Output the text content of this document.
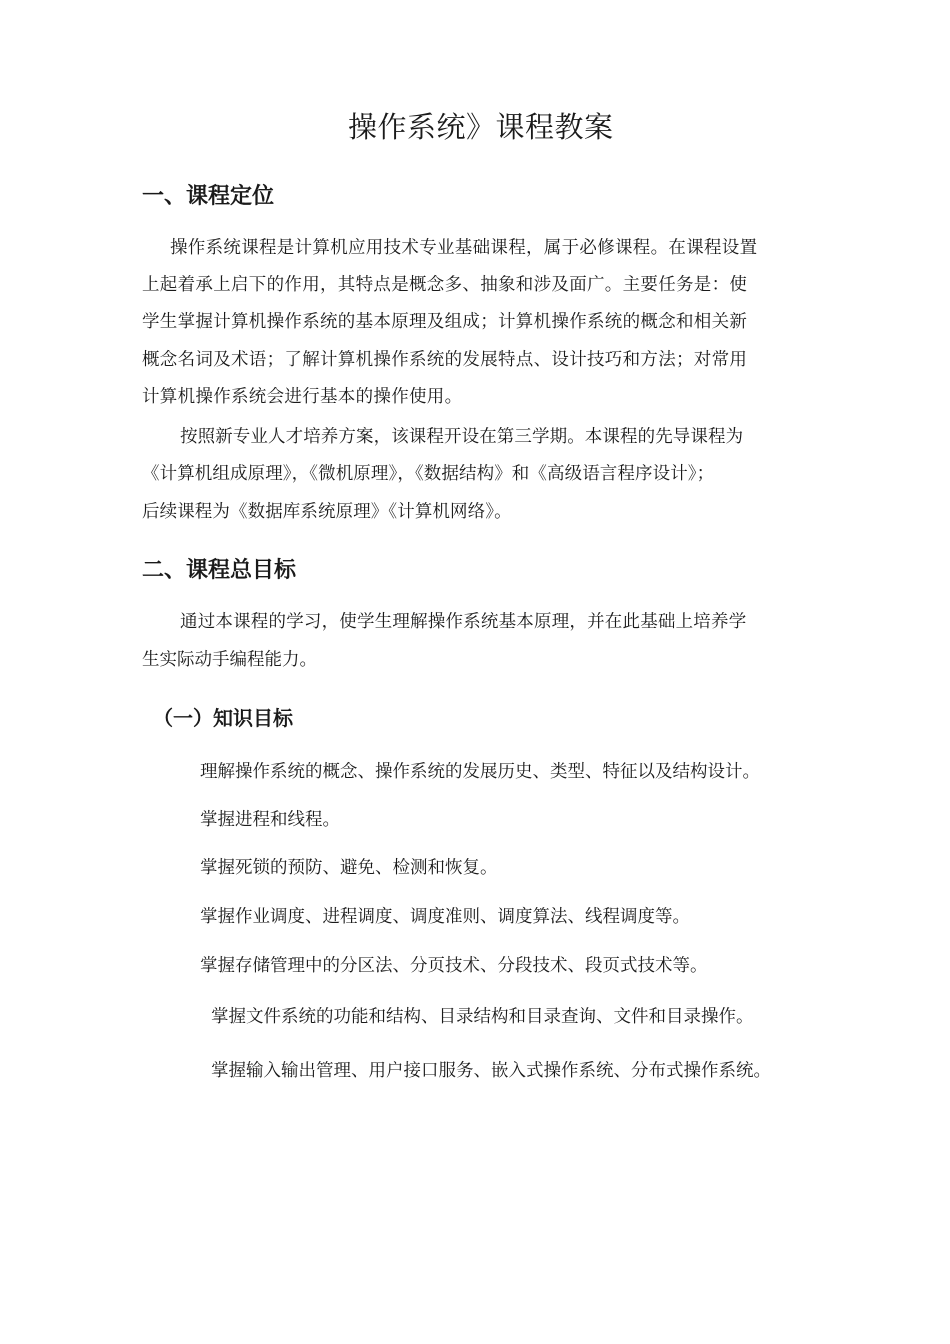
操作系统》课程教案
一、课程定位

操作系统课程是计算机应用技术专业基础课程，属于必修课程。在课程设置

上起着承上启下的作用，其特点是概念多、抽象和涉及面广。主要任务是：使

学生掌握计算机操作系统的基本原理及组成；计算机操作系统的概念和相关新

概念名词及术语；了解计算机操作系统的发展特点、设计技巧和方法；对常用

计算机操作系统会进行基本的操作使用。

按照新专业人才培养方案，该课程开设在第三学期。本课程的先导课程为

《计算机组成原理》，《微机原理》，《数据结构》和《高级语言程序设计》；

后续课程为《数据库系统原理》《计算机网络》。

二、课程总目标

通过本课程的学习，使学生理解操作系统基本原理，并在此基础上培养学

生实际动手编程能力。

（一）知识目标

理解操作系统的概念、操作系统的发展历史、类型、特征以及结构设计。

掌握进程和线程。

掌握死锁的预防、避免、检测和恢复。

掌握作业调度、进程调度、调度准则、调度算法、线程调度等。

掌握存储管理中的分区法、分页技术、分段技术、段页式技术等。

掌握文件系统的功能和结构、目录结构和目录查询、文件和目录操作。

掌握输入输出管理、用户接口服务、嵌入式操作系统、分布式操作系统。
